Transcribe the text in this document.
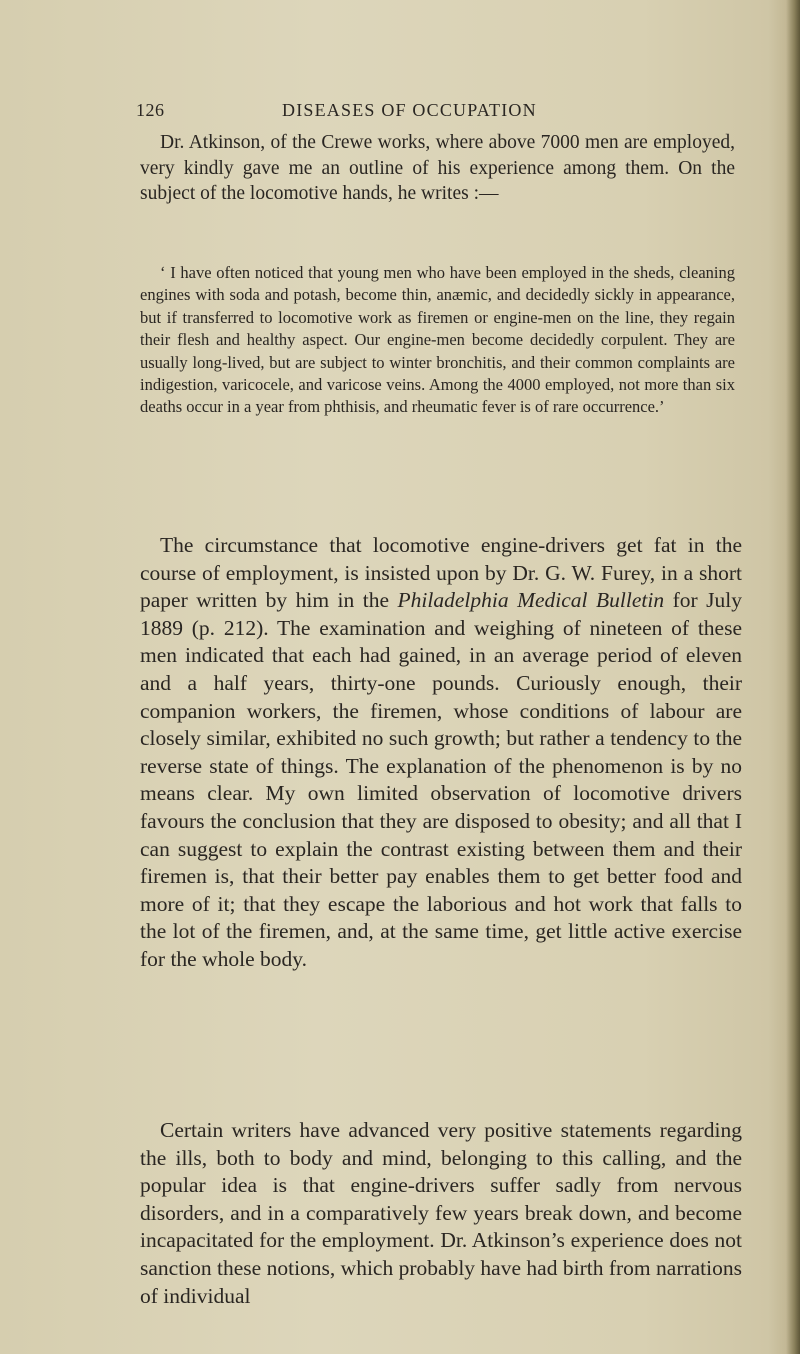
126	DISEASES OF OCCUPATION

Dr. Atkinson, of the Crewe works, where above 7000 men are employed, very kindly gave me an outline of his experience among them. On the subject of the locomotive hands, he writes :—

‘ I have often noticed that young men who have been employed in the sheds, cleaning engines with soda and potash, become thin, anæmic, and decidedly sickly in appearance, but if transferred to locomotive work as firemen or engine-men on the line, they regain their flesh and healthy aspect. Our engine-men become decidedly corpulent. They are usually long-lived, but are subject to winter bronchitis, and their common complaints are indigestion, varicocele, and varicose veins. Among the 4000 employed, not more than six deaths occur in a year from phthisis, and rheumatic fever is of rare occurrence.’

The circumstance that locomotive engine-drivers get fat in the course of employment, is insisted upon by Dr. G. W. Furey, in a short paper written by him in the Philadelphia Medical Bulletin for July 1889 (p. 212). The examination and weighing of nineteen of these men indicated that each had gained, in an average period of eleven and a half years, thirty-one pounds. Curiously enough, their companion workers, the firemen, whose conditions of labour are closely similar, exhibited no such growth; but rather a tendency to the reverse state of things. The explanation of the phenomenon is by no means clear. My own limited observation of locomotive drivers favours the conclusion that they are disposed to obesity; and all that I can suggest to explain the contrast existing between them and their firemen is, that their better pay enables them to get better food and more of it; that they escape the laborious and hot work that falls to the lot of the firemen, and, at the same time, get little active exercise for the whole body.

Certain writers have advanced very positive statements regarding the ills, both to body and mind, belonging to this calling, and the popular idea is that engine-drivers suffer sadly from nervous disorders, and in a comparatively few years break down, and become incapacitated for the employment. Dr. Atkinson’s experience does not sanction these notions, which probably have had birth from narrations of individual
